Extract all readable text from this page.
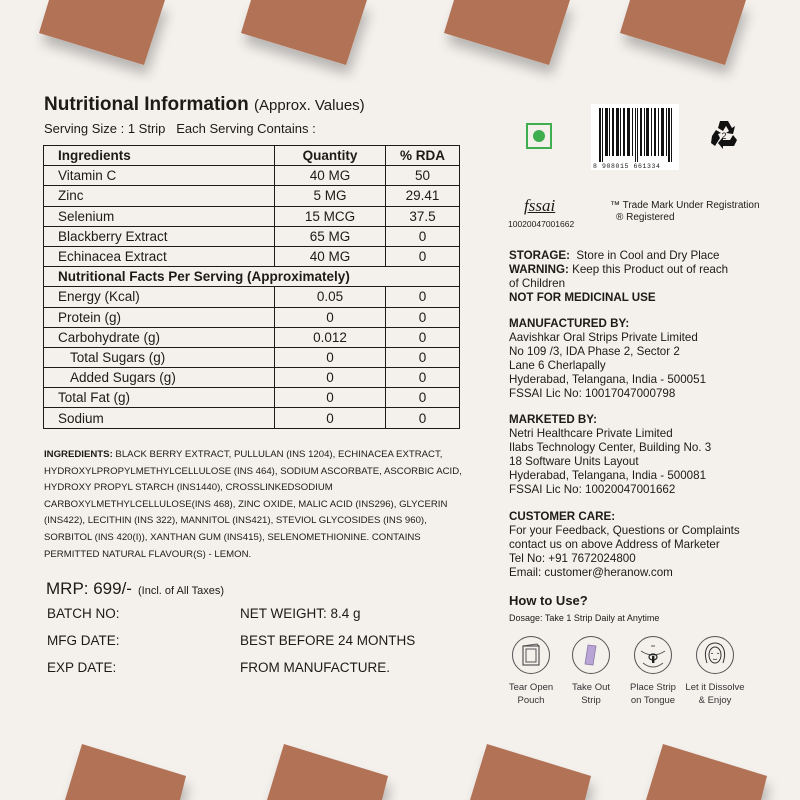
Nutritional Information (Approx. Values)
Serving Size : 1 Strip   Each Serving Contains :
Ingredients	Quantity	% RDA
Vitamin C	40 MG	50
Zinc	5 MG	29.41
Selenium	15 MCG	37.5
Blackberry Extract	65 MG	0
Echinacea Extract	40 MG	0
Nutritional Facts Per Serving (Approximately)		
Energy (Kcal)	0.05	0
Protein (g)	0	0
Carbohydrate (g)	0.012	0
Total Sugars (g)	0	0
Added Sugars (g)	0	0
Total Fat (g)	0	0
Sodium	0	0
INGREDIENTS: BLACK BERRY EXTRACT, PULLULAN (INS 1204), ECHINACEA EXTRACT, HYDROXYLPROPYLMETHYLCELLULOSE (INS 464), SODIUM ASCORBATE, ASCORBIC ACID, HYDROXY PROPYL STARCH (INS1440), CROSSLINKEDSODIUM CARBOXYLMETHYLCELLULOSE(INS 468), ZINC OXIDE, MALIC ACID (INS296), GLYCERIN (INS422), LECITHIN (INS 322), MANNITOL (INS421), STEVIOL GLYCOSIDES (INS 960), SORBITOL (INS 420(I)), XANTHAN GUM (INS415), SELENOMETHIONINE. CONTAINS PERMITTED NATURAL FLAVOUR(S) - LEMON.
MRP: 699/- (Incl. of All Taxes)
BATCH NO:
MFG DATE:
EXP DATE:
NET WEIGHT: 8.4 g
BEST BEFORE 24 MONTHS
FROM MANUFACTURE.
8 908015 661334
2
fssai
10020047001662
™ Trade Mark Under Registration
® Registered
STORAGE:  Store in Cool and Dry Place
WARNING: Keep this Product out of reach
of Children
NOT FOR MEDICINAL USE
MANUFACTURED BY:
Aavishkar Oral Strips Private Limited
No 109 /3, IDA Phase 2, Sector 2
Lane 6 Cherlapally
Hyderabad, Telangana, India - 500051
FSSAI Lic No: 10017047000798
MARKETED BY:
Netri Healthcare Private Limited
Ilabs Technology Center, Building No. 3
18 Software Units Layout
Hyderabad, Telangana, India - 500081
FSSAI Lic No: 10020047001662
CUSTOMER CARE:
For your Feedback, Questions or Complaints
contact us on above Address of Marketer
Tel No: +91 7672024800
Email: customer@heranow.com
How to Use?
Dosage: Take 1 Strip Daily at Anytime
Tear Open
Pouch
Take Out
Strip
Place Strip
on Tongue
Let it Dissolve
& Enjoy
